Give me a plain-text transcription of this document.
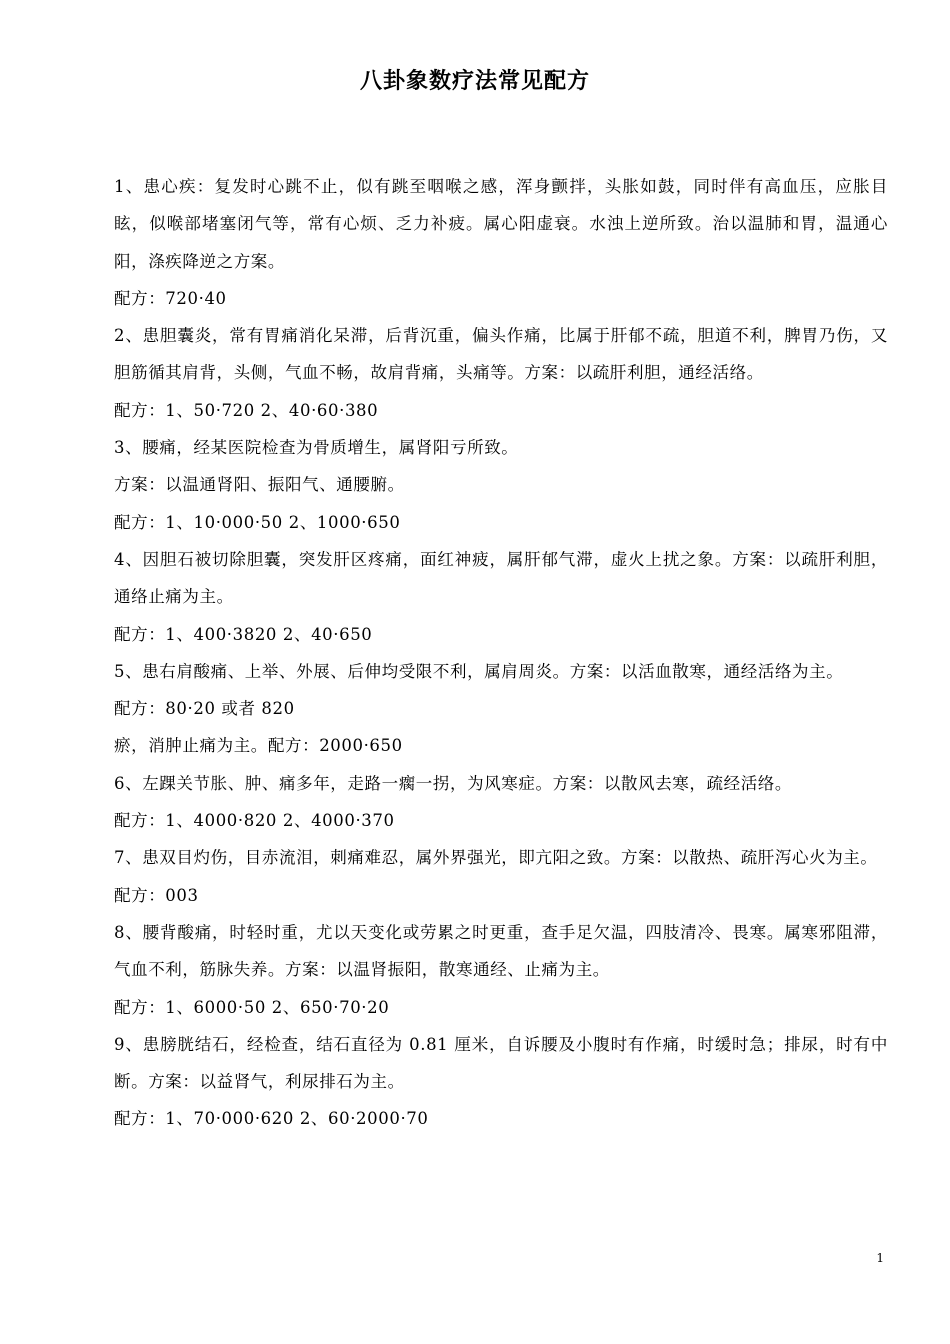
八卦象数疗法常见配方

1、患心疾：复发时心跳不止，似有跳至咽喉之感，浑身颤拌，头胀如鼓，同时伴有高血压，应胀目眩，似喉部堵塞闭气等，常有心烦、乏力补疲。属心阳虚衰。水浊上逆所致。治以温肺和胃，温通心阳，涤疾降逆之方案。

配方：720·40

2、患胆囊炎，常有胃痛消化呆滞，后背沉重，偏头作痛，比属于肝郁不疏，胆道不利，脾胃乃伤，又胆筋循其肩背，头侧，气血不畅，故肩背痛，头痛等。方案：以疏肝利胆，通经活络。

配方：1、50·720 2、40·60·380

3、腰痛，经某医院检查为骨质增生，属肾阳亏所致。

方案：以温通肾阳、振阳气、通腰腑。

配方：1、10·000·50 2、1000·650

4、因胆石被切除胆囊，突发肝区疼痛，面红神疲，属肝郁气滞，虚火上扰之象。方案：以疏肝利胆，通络止痛为主。

配方：1、400·3820 2、40·650

5、患右肩酸痛、上举、外展、后伸均受限不利，属肩周炎。方案：以活血散寒，通经活络为主。

配方：80·20 或者 820

瘀，消肿止痛为主。配方：2000·650

6、左踝关节胀、肿、痛多年，走路一瘸一拐，为风寒症。方案：以散风去寒，疏经活络。

配方：1、4000·820 2、4000·370

7、患双目灼伤，目赤流泪，刺痛难忍，属外界强光，即亢阳之致。方案：以散热、疏肝泻心火为主。

配方：003

8、腰背酸痛，时轻时重，尤以天变化或劳累之时更重，查手足欠温，四肢清冷、畏寒。属寒邪阻滞，气血不利，筋脉失养。方案：以温肾振阳，散寒通经、止痛为主。

配方：1、6000·50 2、650·70·20

9、患膀胱结石，经检查，结石直径为 0.81 厘米，自诉腰及小腹时有作痛，时缓时急；排尿，时有中断。方案：以益肾气，利尿排石为主。

配方：1、70·000·620 2、60·2000·70

1
